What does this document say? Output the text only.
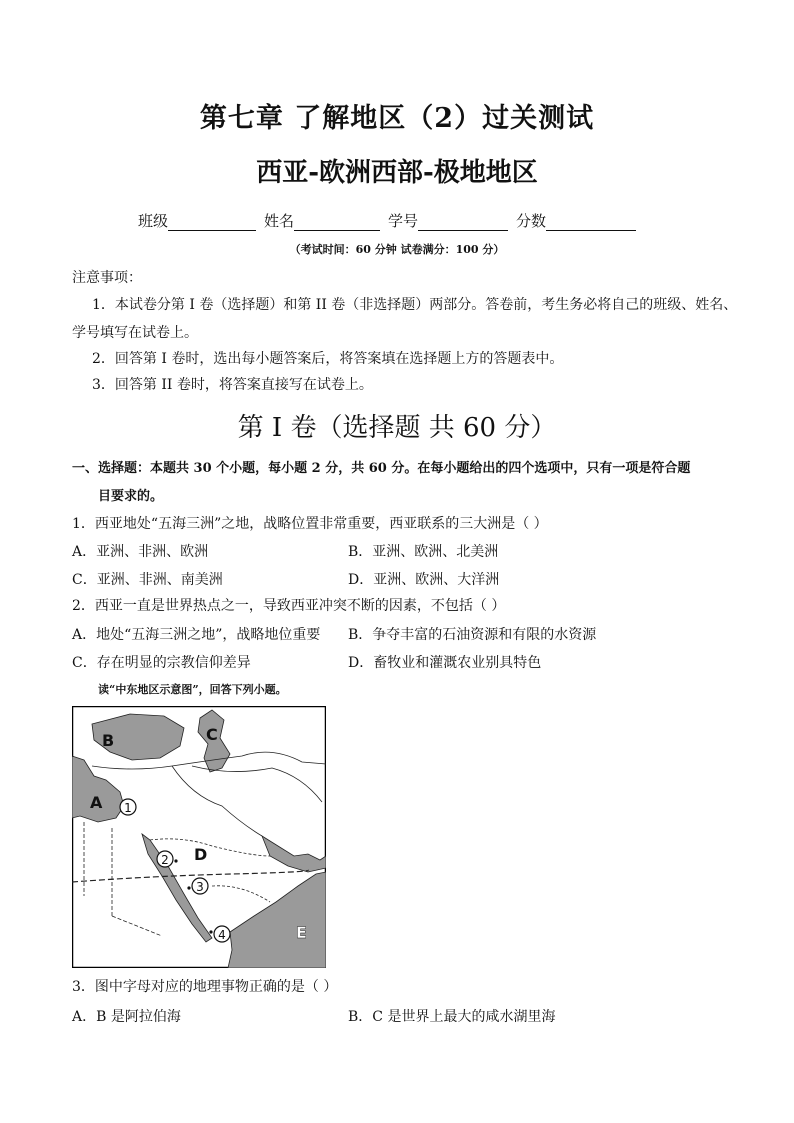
第七章 了解地区（2）过关测试
西亚-欧洲西部-极地地区
班级	姓名	学号	分数
（考试时间：60 分钟 试卷满分：100 分）
注意事项：
1．本试卷分第 I 卷（选择题）和第 II 卷（非选择题）两部分。答卷前，考生务必将自己的班级、姓名、
学号填写在试卷上。
2．回答第 I 卷时，选出每小题答案后，将答案填在选择题上方的答题表中。
3．回答第 II 卷时，将答案直接写在试卷上。
第 I 卷（选择题 共 60 分）
一、选择题：本题共 30 个小题，每小题 2 分，共 60 分。在每小题给出的四个选项中，只有一项是符合题
目要求的。
1．西亚地处“五海三洲”之地，战略位置非常重要，西亚联系的三大洲是（ ）
A．亚洲、非洲、欧洲	B．亚洲、欧洲、北美洲
C．亚洲、非洲、南美洲	D．亚洲、欧洲、大洋洲
2．西亚一直是世界热点之一，导致西亚冲突不断的因素，不包括（ ）
A．地处“五海三洲之地”，战略地位重要 B．争夺丰富的石油资源和有限的水资源
C．存在明显的宗教信仰差异	D．畜牧业和灌溉农业别具特色
读“中东地区示意图”，回答下列小题。
B	C
A
D
E
1
2
3
4
3．图中字母对应的地理事物正确的是（ ）
A．B 是阿拉伯海	B．C 是世界上最大的咸水湖里海
